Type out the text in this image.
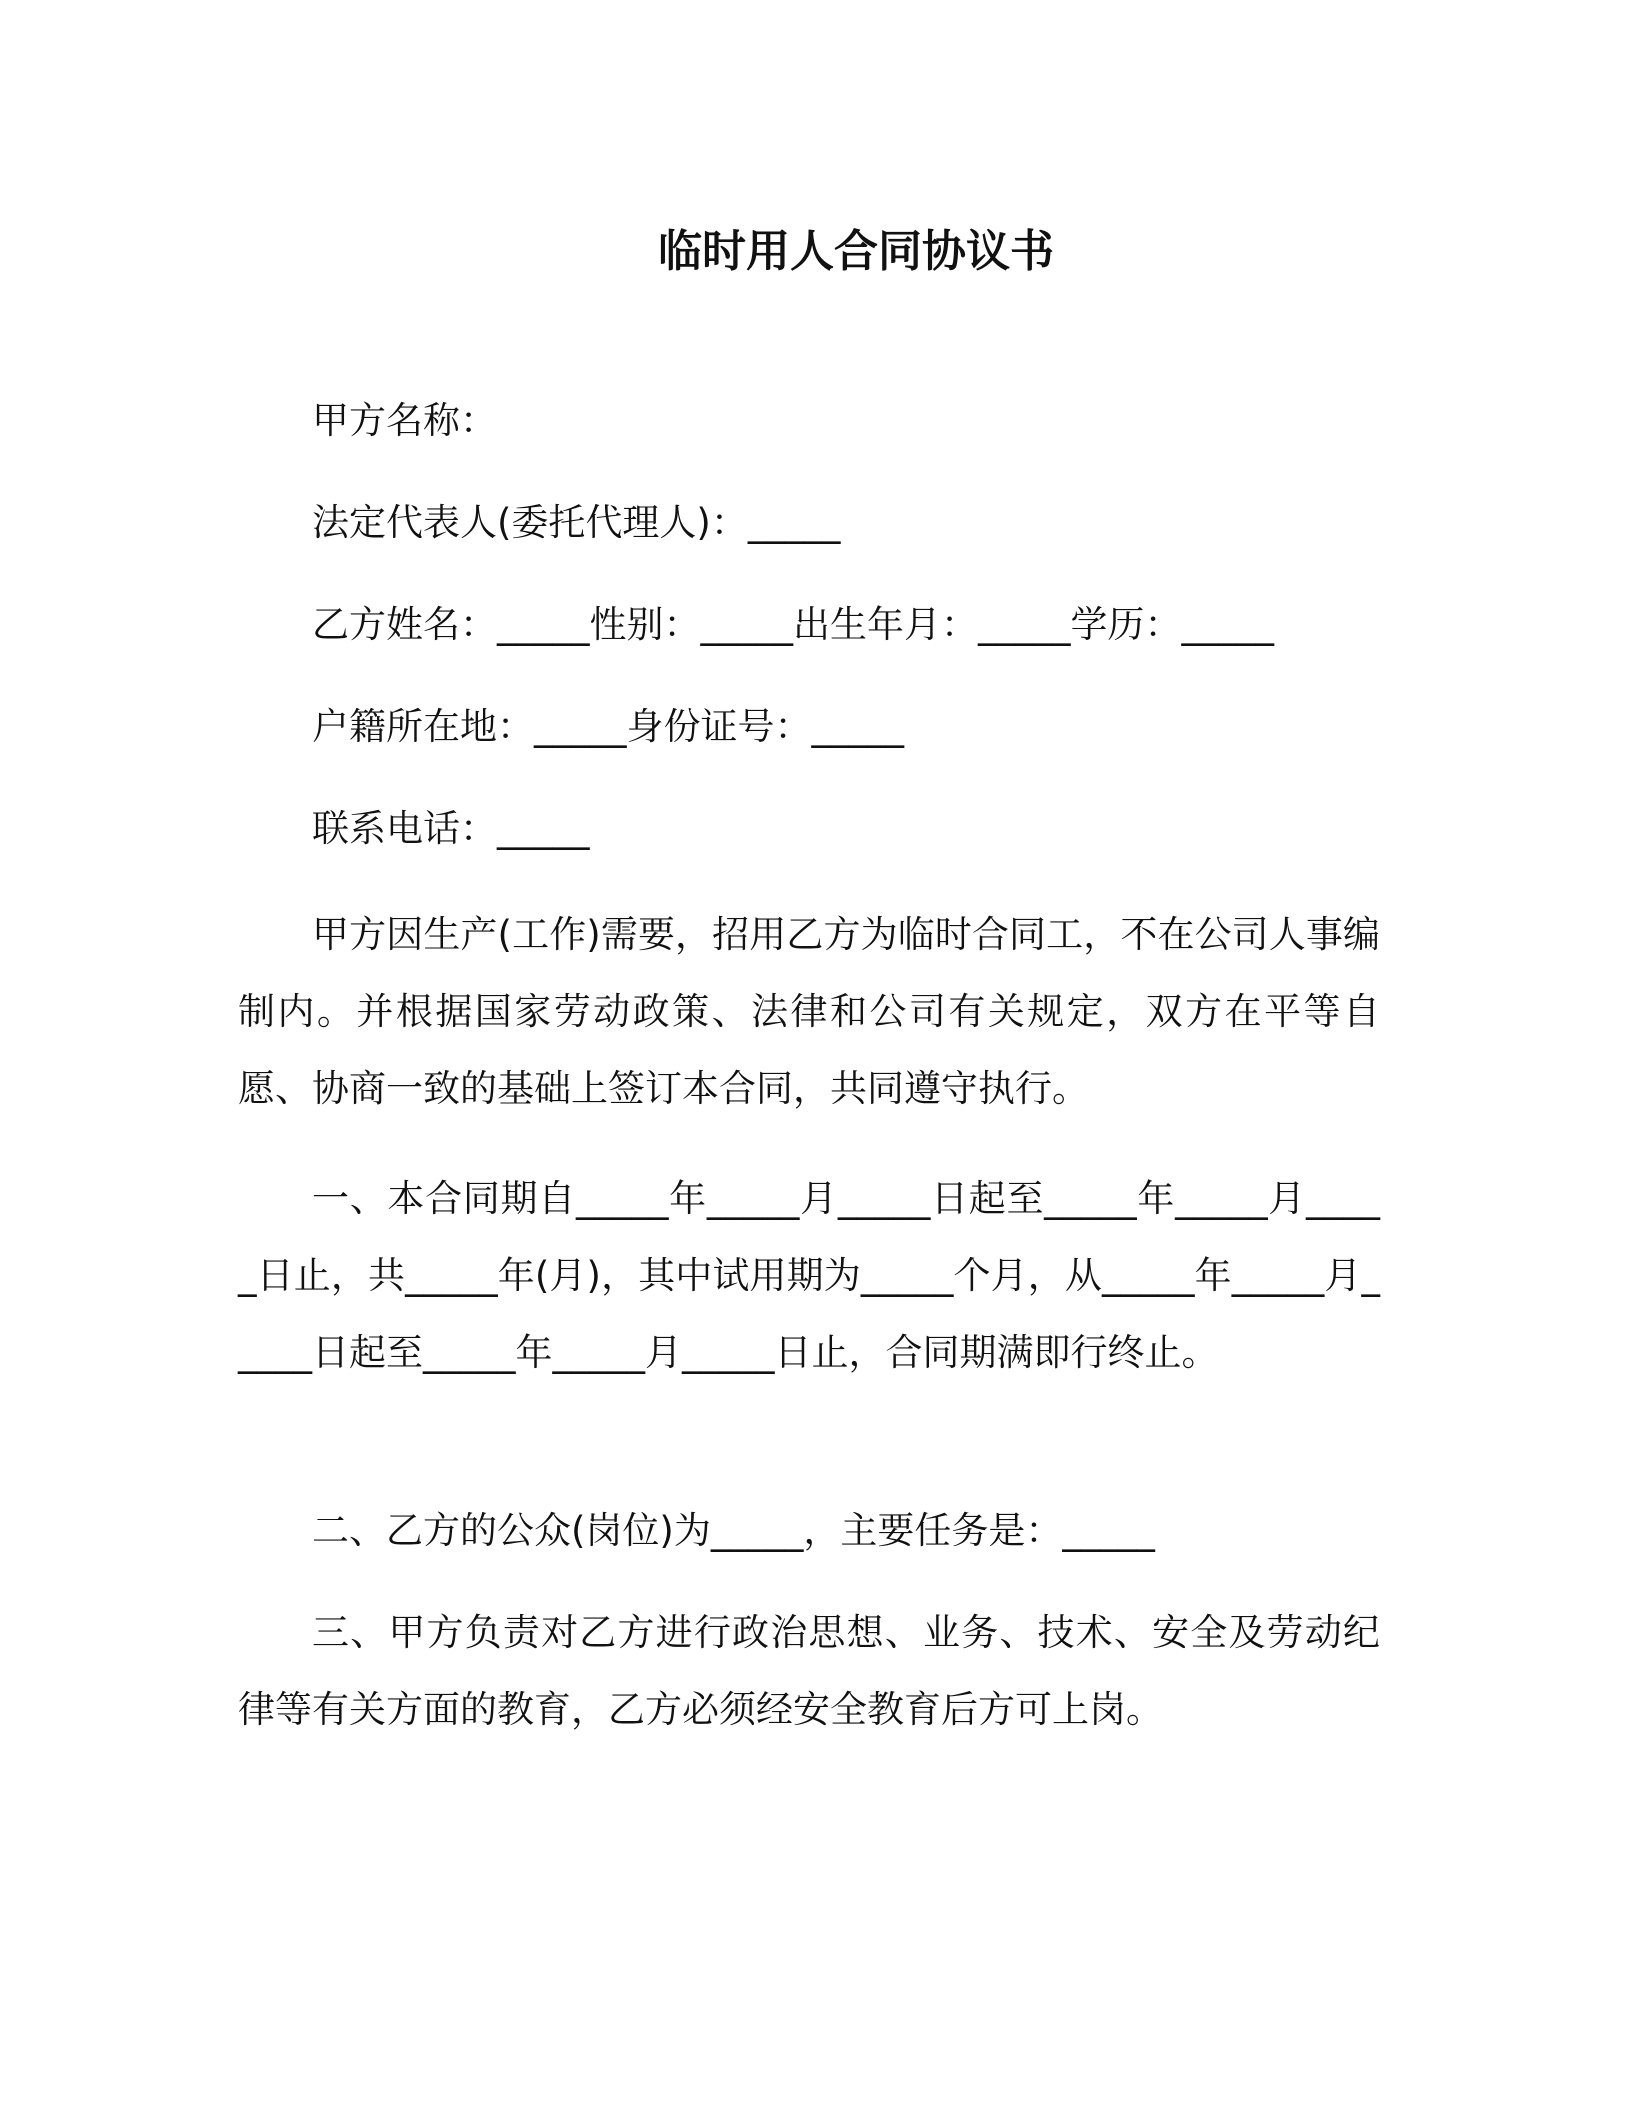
临时用人合同协议书
甲方名称：
法定代表人(委托代理人)：_____
乙方姓名：_____性别：_____出生年月：_____学历：_____
户籍所在地：_____身份证号：_____
联系电话：_____
甲方因生产(工作)需要，招用乙方为临时合同工，不在公司人事编制内。并根据国家劳动政策、法律和公司有关规定，双方在平等自愿、协商一致的基础上签订本合同，共同遵守执行。
一、本合同期自_____年_____月_____日起至_____年_____月_____日止，共_____年(月)，其中试用期为_____个月，从_____年_____月_____日起至_____年_____月_____日止，合同期满即行终止。
二、乙方的公众(岗位)为_____，主要任务是：_____
三、甲方负责对乙方进行政治思想、业务、技术、安全及劳动纪律等有关方面的教育，乙方必须经安全教育后方可上岗。
